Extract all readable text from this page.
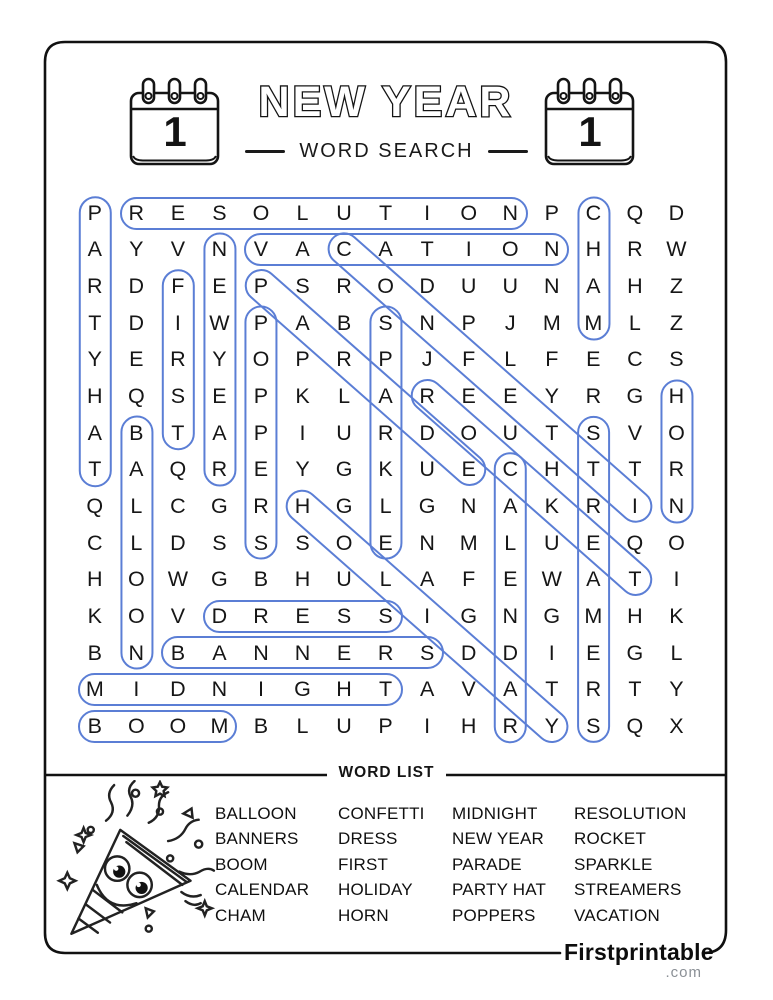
1	1
NEW YEAR
WORD SEARCH
P	R	E	S	O	L	U	T	I	O	N	P	C	Q	D
A	Y	V	N	V	A	C	A	T	I	O	N	H	R	W
R	D	F	E	P	S	R	O	D	U	U	N	A	H	Z
T	D	I	W	P	A	B	S	N	P	J	M	M	L	Z
Y	E	R	Y	O	P	R	P	J	F	L	F	E	C	S
H	Q	S	E	P	K	L	A	R	E	E	Y	R	G	H
A	B	T	A	P	I	U	R	D	O	U	T	S	V	O
T	A	Q	R	E	Y	G	K	U	E	C	H	T	T	R
Q	L	C	G	R	H	G	L	G	N	A	K	R	I	N
C	L	D	S	S	S	O	E	N	M	L	U	E	Q	O
H	O	W	G	B	H	U	L	A	F	E	W	A	T	I
K	O	V	D	R	E	S	S	I	G	N	G	M	H	K
B	N	B	A	N	N	E	R	S	D	D	I	E	G	L
M	I	D	N	I	G	H	T	A	V	A	T	R	T	Y
B	O	O	M	B	L	U	P	I	H	R	Y	S	Q	X
WORD LIST
BALLOON
BANNERS
BOOM
CALENDAR
CHAM
CONFETTI
DRESS
FIRST
HOLIDAY
HORN
MIDNIGHT
NEW YEAR
PARADE
PARTY HAT
POPPERS
RESOLUTION
ROCKET
SPARKLE
STREAMERS
VACATION
Firstprintable
.com
